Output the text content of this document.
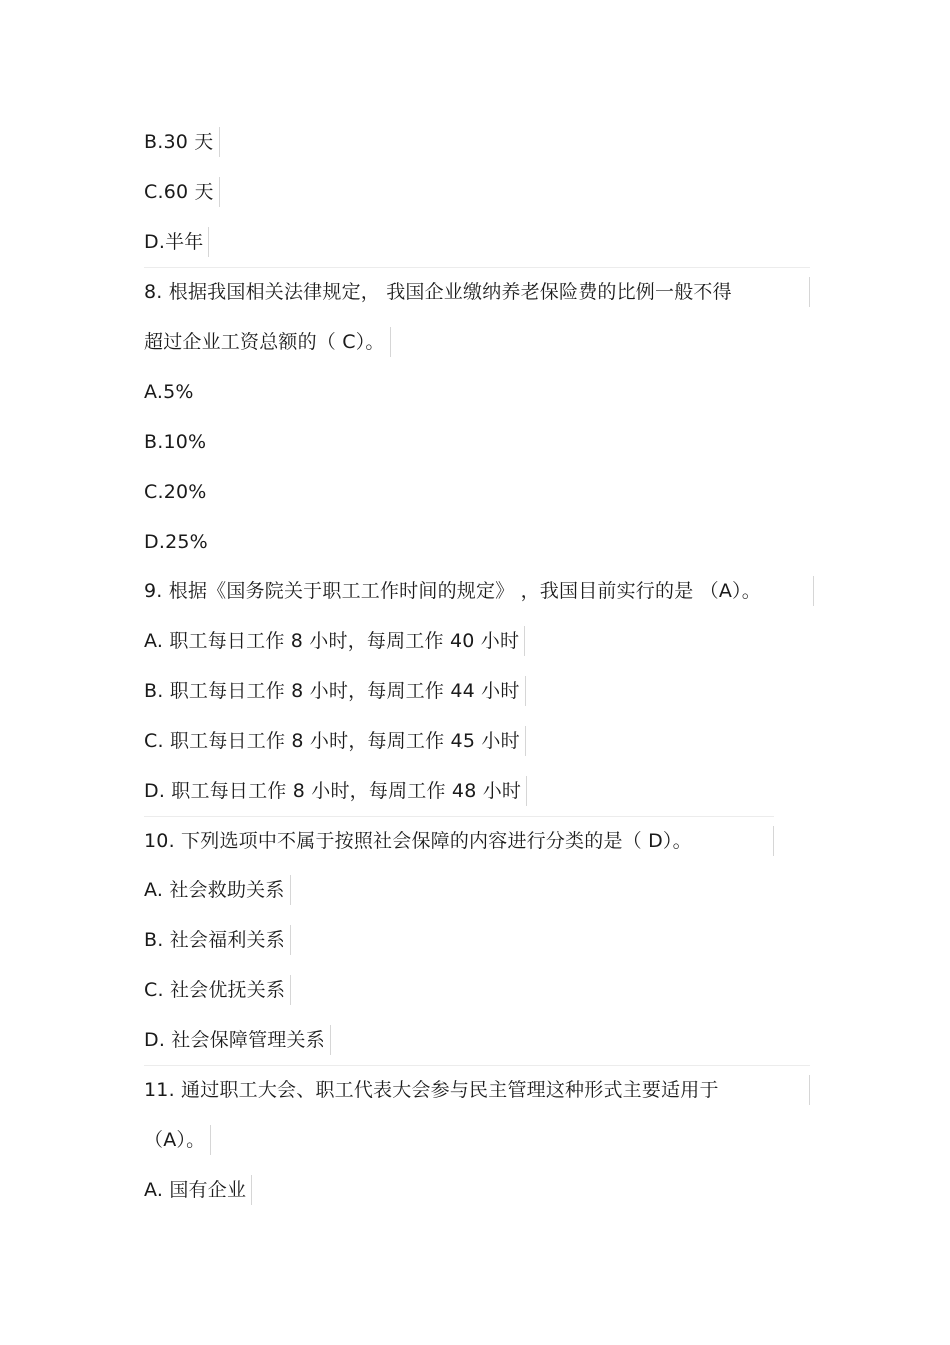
B.30 天
C.60 天
D.半年
8. 根据我国相关法律规定， 我国企业缴纳养老保险费的比例一般不得
超过企业工资总额的（ C）。
A.5%
B.10%
C.20%
D.25%
9. 根据《国务院关于职工工作时间的规定》 ，我国目前实行的是 （A）。
A. 职工每日工作 8 小时，每周工作 40 小时
B. 职工每日工作 8 小时，每周工作 44 小时
C. 职工每日工作 8 小时，每周工作 45 小时
D. 职工每日工作 8 小时，每周工作 48 小时
10. 下列选项中不属于按照社会保障的内容进行分类的是（ D）。
A. 社会救助关系
B. 社会福利关系
C. 社会优抚关系
D. 社会保障管理关系
11. 通过职工大会、职工代表大会参与民主管理这种形式主要适用于
（A）。
A. 国有企业
